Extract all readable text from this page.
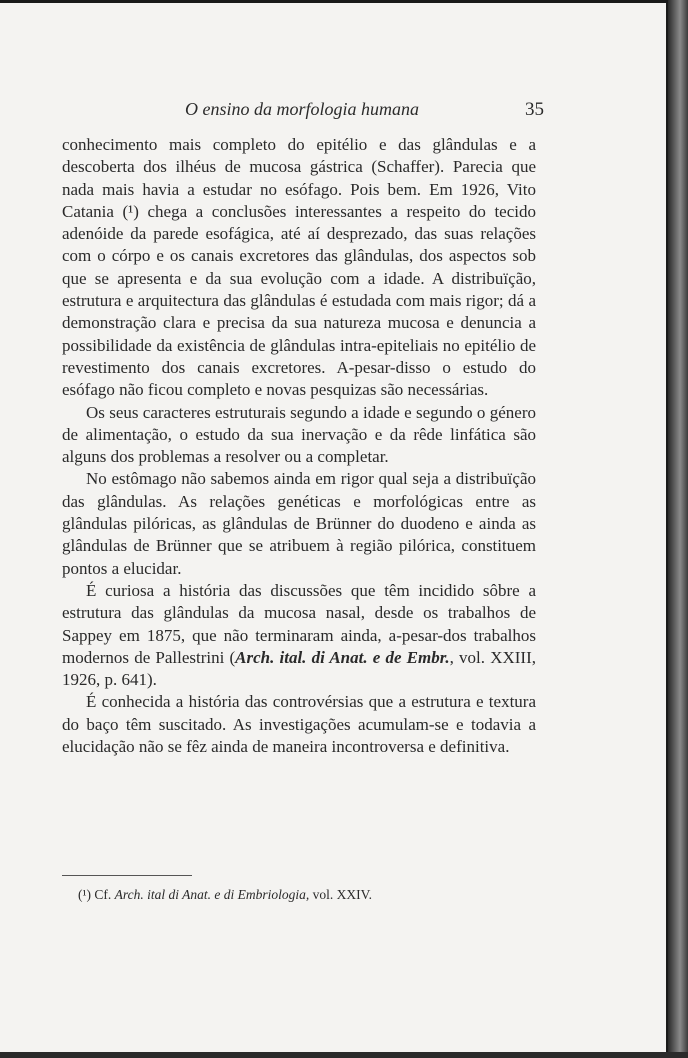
O ensino da morfologia humana	35

conhecimento mais completo do epitélio e das glândulas e a descoberta dos ilhéus de mucosa gástrica (Schaffer). Parecia que nada mais havia a estudar no esófago. Pois bem. Em 1926, Vito Catania (¹) chega a conclusões interessantes a respeito do tecido adenóide da parede esofágica, até aí desprezado, das suas relações com o córpo e os canais excretores das glândulas, dos aspectos sob que se apresenta e da sua evolução com a idade. A distribuïção, estrutura e arquitectura das glândulas é estudada com mais rigor; dá a demonstração clara e precisa da sua natureza mucosa e denuncia a possibilidade da existência de glândulas intra-epiteliais no epitélio de revestimento dos canais excretores. A-pesar-disso o estudo do esófago não ficou completo e novas pesquizas são necessárias.

Os seus caracteres estruturais segundo a idade e segundo o género de alimentação, o estudo da sua inervação e da rêde linfática são alguns dos problemas a resolver ou a completar.

No estômago não sabemos ainda em rigor qual seja a distribuïção das glândulas. As relações genéticas e morfológicas entre as glândulas pilóricas, as glândulas de Brünner do duodeno e ainda as glândulas de Brünner que se atribuem à região pilórica, constituem pontos a elucidar.

É curiosa a história das discussões que têm incidido sôbre a estrutura das glândulas da mucosa nasal, desde os trabalhos de Sappey em 1875, que não terminaram ainda, a-pesar-dos trabalhos modernos de Pallestrini (Arch. ital. di Anat. e de Embr., vol. XXIII, 1926, p. 641).

É conhecida a história das controvérsias que a estrutura e textura do baço têm suscitado. As investigações acumulam-se e todavia a elucidação não se fêz ainda de maneira incontroversa e definitiva.

(¹) Cf. Arch. ital di Anat. e di Embriologia, vol. XXIV.
